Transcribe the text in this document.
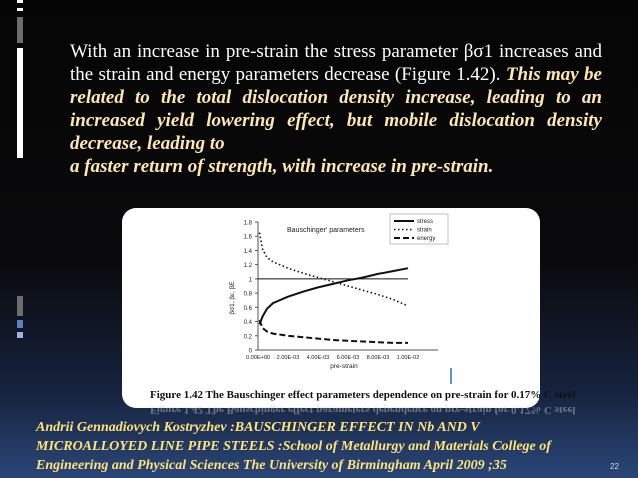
With an increase in pre-strain the stress parameter βσ1 increases and the strain and energy parameters decrease (Figure 1.42). This may be related to the total dislocation density increase, leading to an increased yield lowering effect, but mobile dislocation density decrease, leading to
a faster return of strength, with increase in pre-strain.
0
0.2
0.4
0.6
0.8
1
1.2
1.4
1.6
1.8
0.00E+00 2.00E-03 4.00E-03 6.00E-03 8.00E-03 1.00E-02
pre-strain
βσ1, βε, βE
Bauschinger' parameters
stress
strain
energy
Figure 1.42 The Bauschinger effect parameters dependence on pre-strain for 0.17% C steel
Figure 1.42 The Bauschinger effect parameters dependence on pre-strain for 0.17% C steel
Andrii Gennadiovych Kostryzhev :BAUSCHINGER EFFECT IN Nb AND V
MICROALLOYED LINE PIPE STEELS :School of Metallurgy and Materials College of
Engineering and Physical Sciences The University of Birmingham April 2009 ;35	22
